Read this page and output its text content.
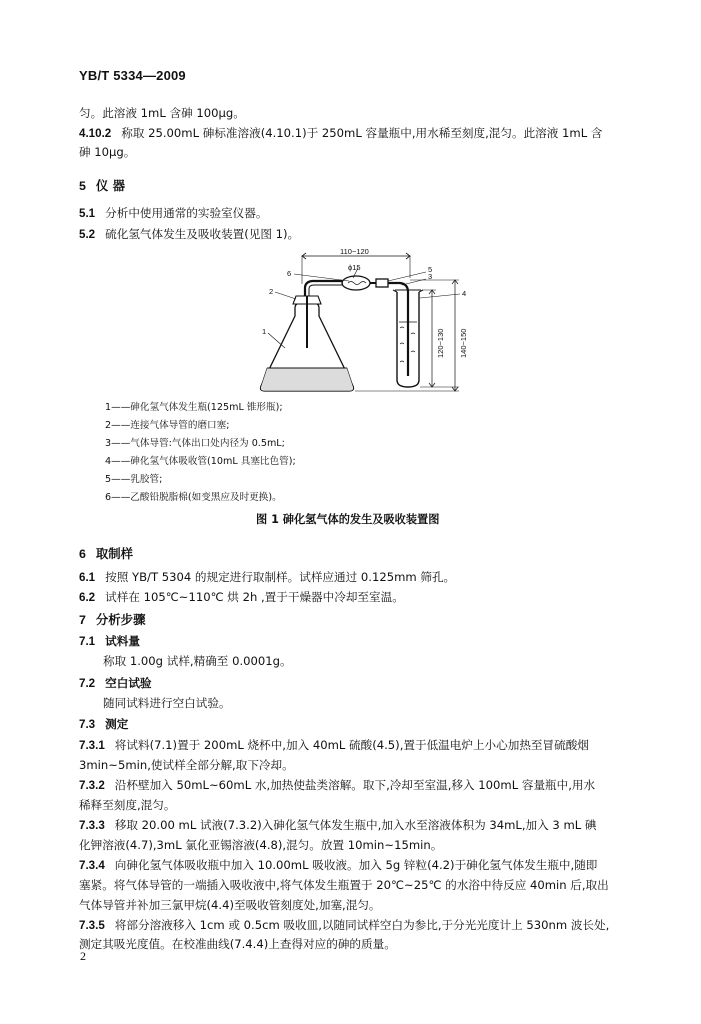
YB/T 5334—2009
匀。此溶液 1mL 含砷 100μg。
4.10.2 称取 25.00mL 砷标准溶液(4.10.1)于 250mL 容量瓶中,用水稀至刻度,混匀。此溶液 1mL 含
砷 10μg。
5 仪 器
5.1 分析中使用通常的实验室仪器。
5.2 硫化氢气体发生及吸收装置(见图 1)。
110~120
ϕ15
120~130 140~150
1
2
6	5
3
4
1——砷化氢气体发生瓶(125mL 锥形瓶);
2——连接气体导管的磨口塞;
3——气体导管:气体出口处内径为 0.5mL;
4——砷化氢气体吸收管(10mL 具塞比色管);
5——乳胶管;
6——乙酸铅脱脂棉(如变黑应及时更换)。
图 1 砷化氢气体的发生及吸收装置图
6 取制样
6.1 按照 YB/T 5304 的规定进行取制样。试样应通过 0.125mm 筛孔。
6.2 试样在 105℃~110℃ 烘 2h ,置于干燥器中冷却至室温。
7 分析步骤
7.1 试料量
称取 1.00g 试样,精确至 0.0001g。
7.2 空白试验
随同试料进行空白试验。
7.3 测定
7.3.1 将试料(7.1)置于 200mL 烧杯中,加入 40mL 硫酸(4.5),置于低温电炉上小心加热至冒硫酸烟
3min~5min,使试样全部分解,取下冷却。
7.3.2 沿杯壁加入 50mL~60mL 水,加热使盐类溶解。取下,冷却至室温,移入 100mL 容量瓶中,用水
稀释至刻度,混匀。
7.3.3 移取 20.00 mL 试液(7.3.2)入砷化氢气体发生瓶中,加入水至溶液体积为 34mL,加入 3 mL 碘
化钾溶液(4.7),3mL 氯化亚锡溶液(4.8),混匀。放置 10min~15min。
7.3.4 向砷化氢气体吸收瓶中加入 10.00mL 吸收液。加入 5g 锌粒(4.2)于砷化氢气体发生瓶中,随即
塞紧。将气体导管的一端插入吸收液中,将气体发生瓶置于 20℃~25℃ 的水浴中待反应 40min 后,取出
气体导管并补加三氯甲烷(4.4)至吸收管刻度处,加塞,混匀。
7.3.5 将部分溶液移入 1cm 或 0.5cm 吸收皿,以随同试样空白为参比,于分光光度计上 530nm 波长处,
测定其吸光度值。在校准曲线(7.4.4)上查得对应的砷的质量。
2
